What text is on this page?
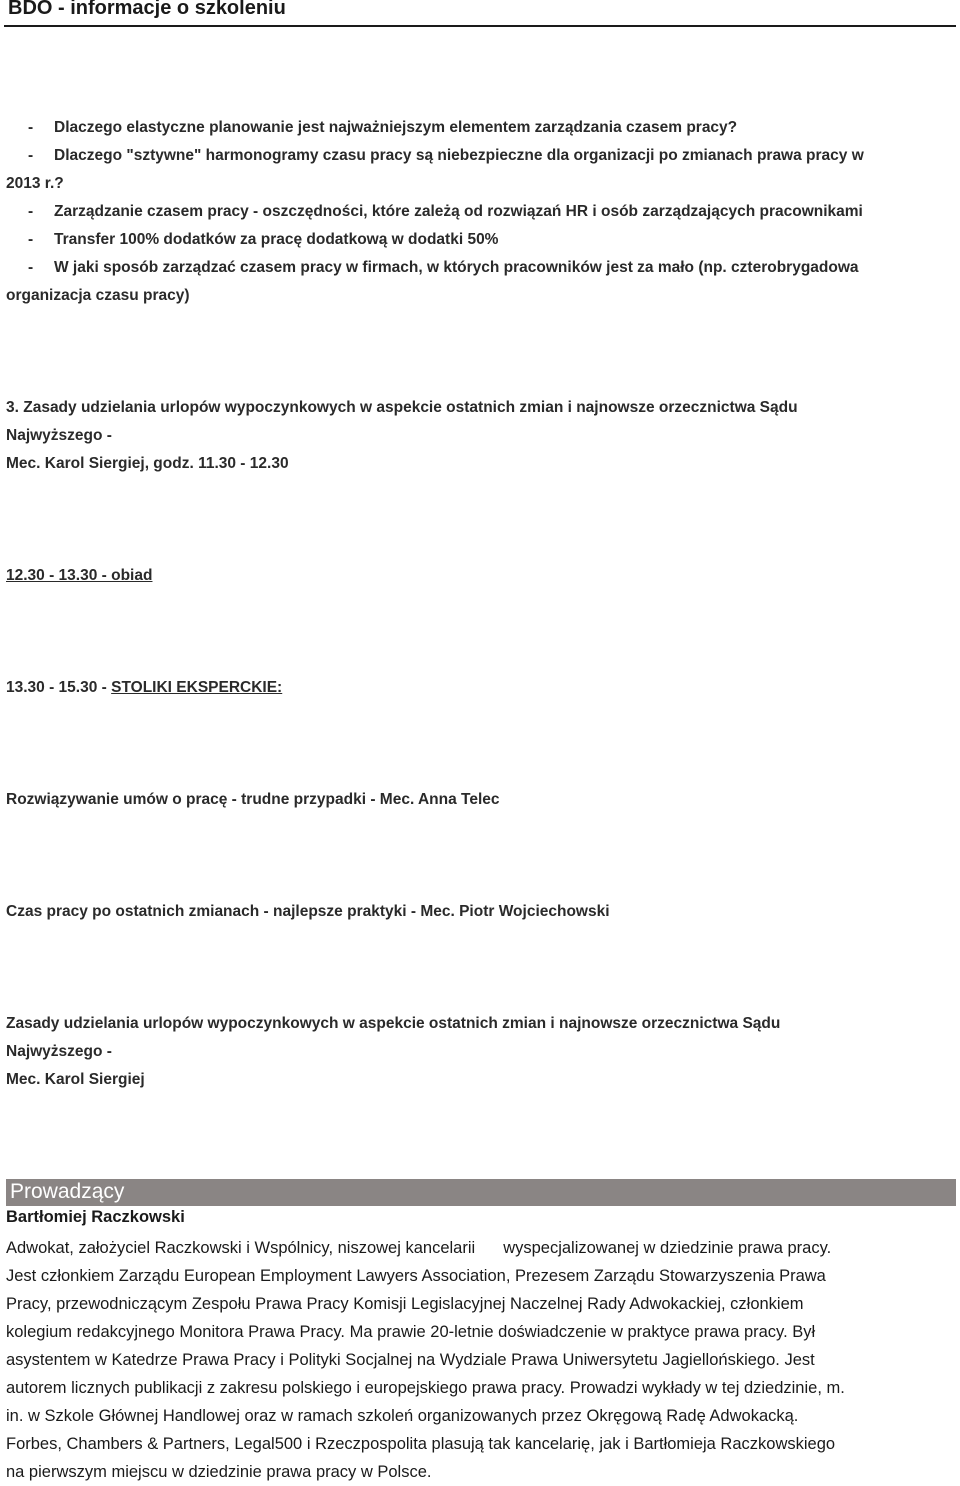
BDO - informacje o szkoleniu
- Dlaczego elastyczne planowanie jest najważniejszym elementem zarządzania czasem pracy?
- Dlaczego "sztywne" harmonogramy czasu pracy są niebezpieczne dla organizacji po zmianach prawa pracy w
2013 r.?
- Zarządzanie czasem pracy - oszczędności, które zależą od rozwiązań HR i osób zarządzających pracownikami
- Transfer 100% dodatków za pracę dodatkową w dodatki 50%
- W jaki sposób zarządzać czasem pracy w firmach, w których pracowników jest za mało (np. czterobrygadowa
organizacja czasu pracy)
3. Zasady udzielania urlopów wypoczynkowych w aspekcie ostatnich zmian i najnowsze orzecznictwa Sądu
Najwyższego -
Mec. Karol Siergiej, godz. 11.30 - 12.30
12.30 - 13.30 - obiad
13.30 - 15.30 - STOLIKI EKSPERCKIE:
Rozwiązywanie umów o pracę - trudne przypadki - Mec. Anna Telec
Czas pracy po ostatnich zmianach - najlepsze praktyki - Mec. Piotr Wojciechowski
Zasady udzielania urlopów wypoczynkowych w aspekcie ostatnich zmian i najnowsze orzecznictwa Sądu
Najwyższego -
Mec. Karol Siergiej
Prowadzący
Bartłomiej Raczkowski
Adwokat, założyciel Raczkowski i Wspólnicy, niszowej kancelarii wyspecjalizowanej w dziedzinie prawa pracy.
Jest członkiem Zarządu European Employment Lawyers Association, Prezesem Zarządu Stowarzyszenia Prawa
Pracy, przewodniczącym Zespołu Prawa Pracy Komisji Legislacyjnej Naczelnej Rady Adwokackiej, członkiem
kolegium redakcyjnego Monitora Prawa Pracy. Ma prawie 20-letnie doświadczenie w praktyce prawa pracy. Był
asystentem w Katedrze Prawa Pracy i Polityki Socjalnej na Wydziale Prawa Uniwersytetu Jagiellońskiego. Jest
autorem licznych publikacji z zakresu polskiego i europejskiego prawa pracy. Prowadzi wykłady w tej dziedzinie, m.
in. w Szkole Głównej Handlowej oraz w ramach szkoleń organizowanych przez Okręgową Radę Adwokacką.
Forbes, Chambers & Partners, Legal500 i Rzeczpospolita plasują tak kancelarię, jak i Bartłomieja Raczkowskiego
na pierwszym miejscu w dziedzinie prawa pracy w Polsce.
